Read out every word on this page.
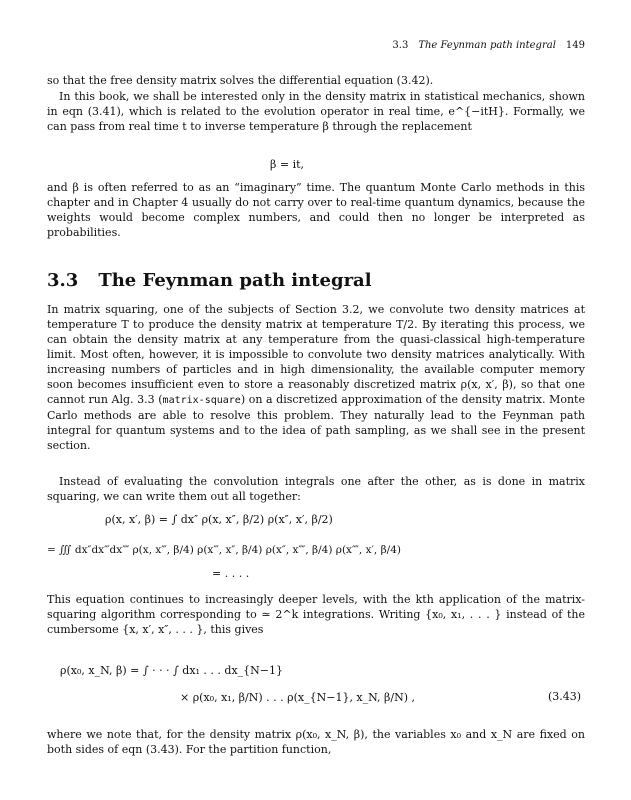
3.3 The Feynman path integral 149

so that the free density matrix solves the differential equation (3.42).

In this book, we shall be interested only in the density matrix in statistical mechanics, shown in eqn (3.41), which is related to the evolution operator in real time, e^{−itH}. Formally, we can pass from real time t to inverse temperature β through the replacement

β = it,

and β is often referred to as an “imaginary” time. The quantum Monte Carlo methods in this chapter and in Chapter 4 usually do not carry over to real-time quantum dynamics, because the weights would become complex numbers, and could then no longer be interpreted as probabilities.

3.3 The Feynman path integral

In matrix squaring, one of the subjects of Section 3.2, we convolute two density matrices at temperature T to produce the density matrix at temperature T/2. By iterating this process, we can obtain the density matrix at any temperature from the quasi-classical high-temperature limit. Most often, however, it is impossible to convolute two density matrices analytically. With increasing numbers of particles and in high dimensionality, the available computer memory soon becomes insufficient even to store a reasonably discretized matrix ρ(x, x′, β), so that one cannot run Alg. 3.3 (matrix-square) on a discretized approximation of the density matrix. Monte Carlo methods are able to resolve this problem. They naturally lead to the Feynman path integral for quantum systems and to the idea of path sampling, as we shall see in the present section.

Instead of evaluating the convolution integrals one after the other, as is done in matrix squaring, we can write them out all together:

ρ(x, x′, β) = ∫ dx″ ρ(x, x″, β/2) ρ(x″, x′, β/2)
= ∭ dx″dx‴dx⁗ ρ(x, x‴, β/4) ρ(x‴, x″, β/4) ρ(x″, x⁗, β/4) ρ(x⁗, x′, β/4)
= . . . .

This equation continues to increasingly deeper levels, with the kth application of the matrix-squaring algorithm corresponding to ≃ 2^k integrations. Writing {x₀, x₁, . . . } instead of the cumbersome {x, x′, x″, . . . }, this gives

ρ(x₀, x_N, β) = ∫ · · · ∫ dx₁ . . . dx_{N−1}
× ρ(x₀, x₁, β/N) . . . ρ(x_{N−1}, x_N, β/N) ,	(3.43)

where we note that, for the density matrix ρ(x₀, x_N, β), the variables x₀ and x_N are fixed on both sides of eqn (3.43). For the partition function,
